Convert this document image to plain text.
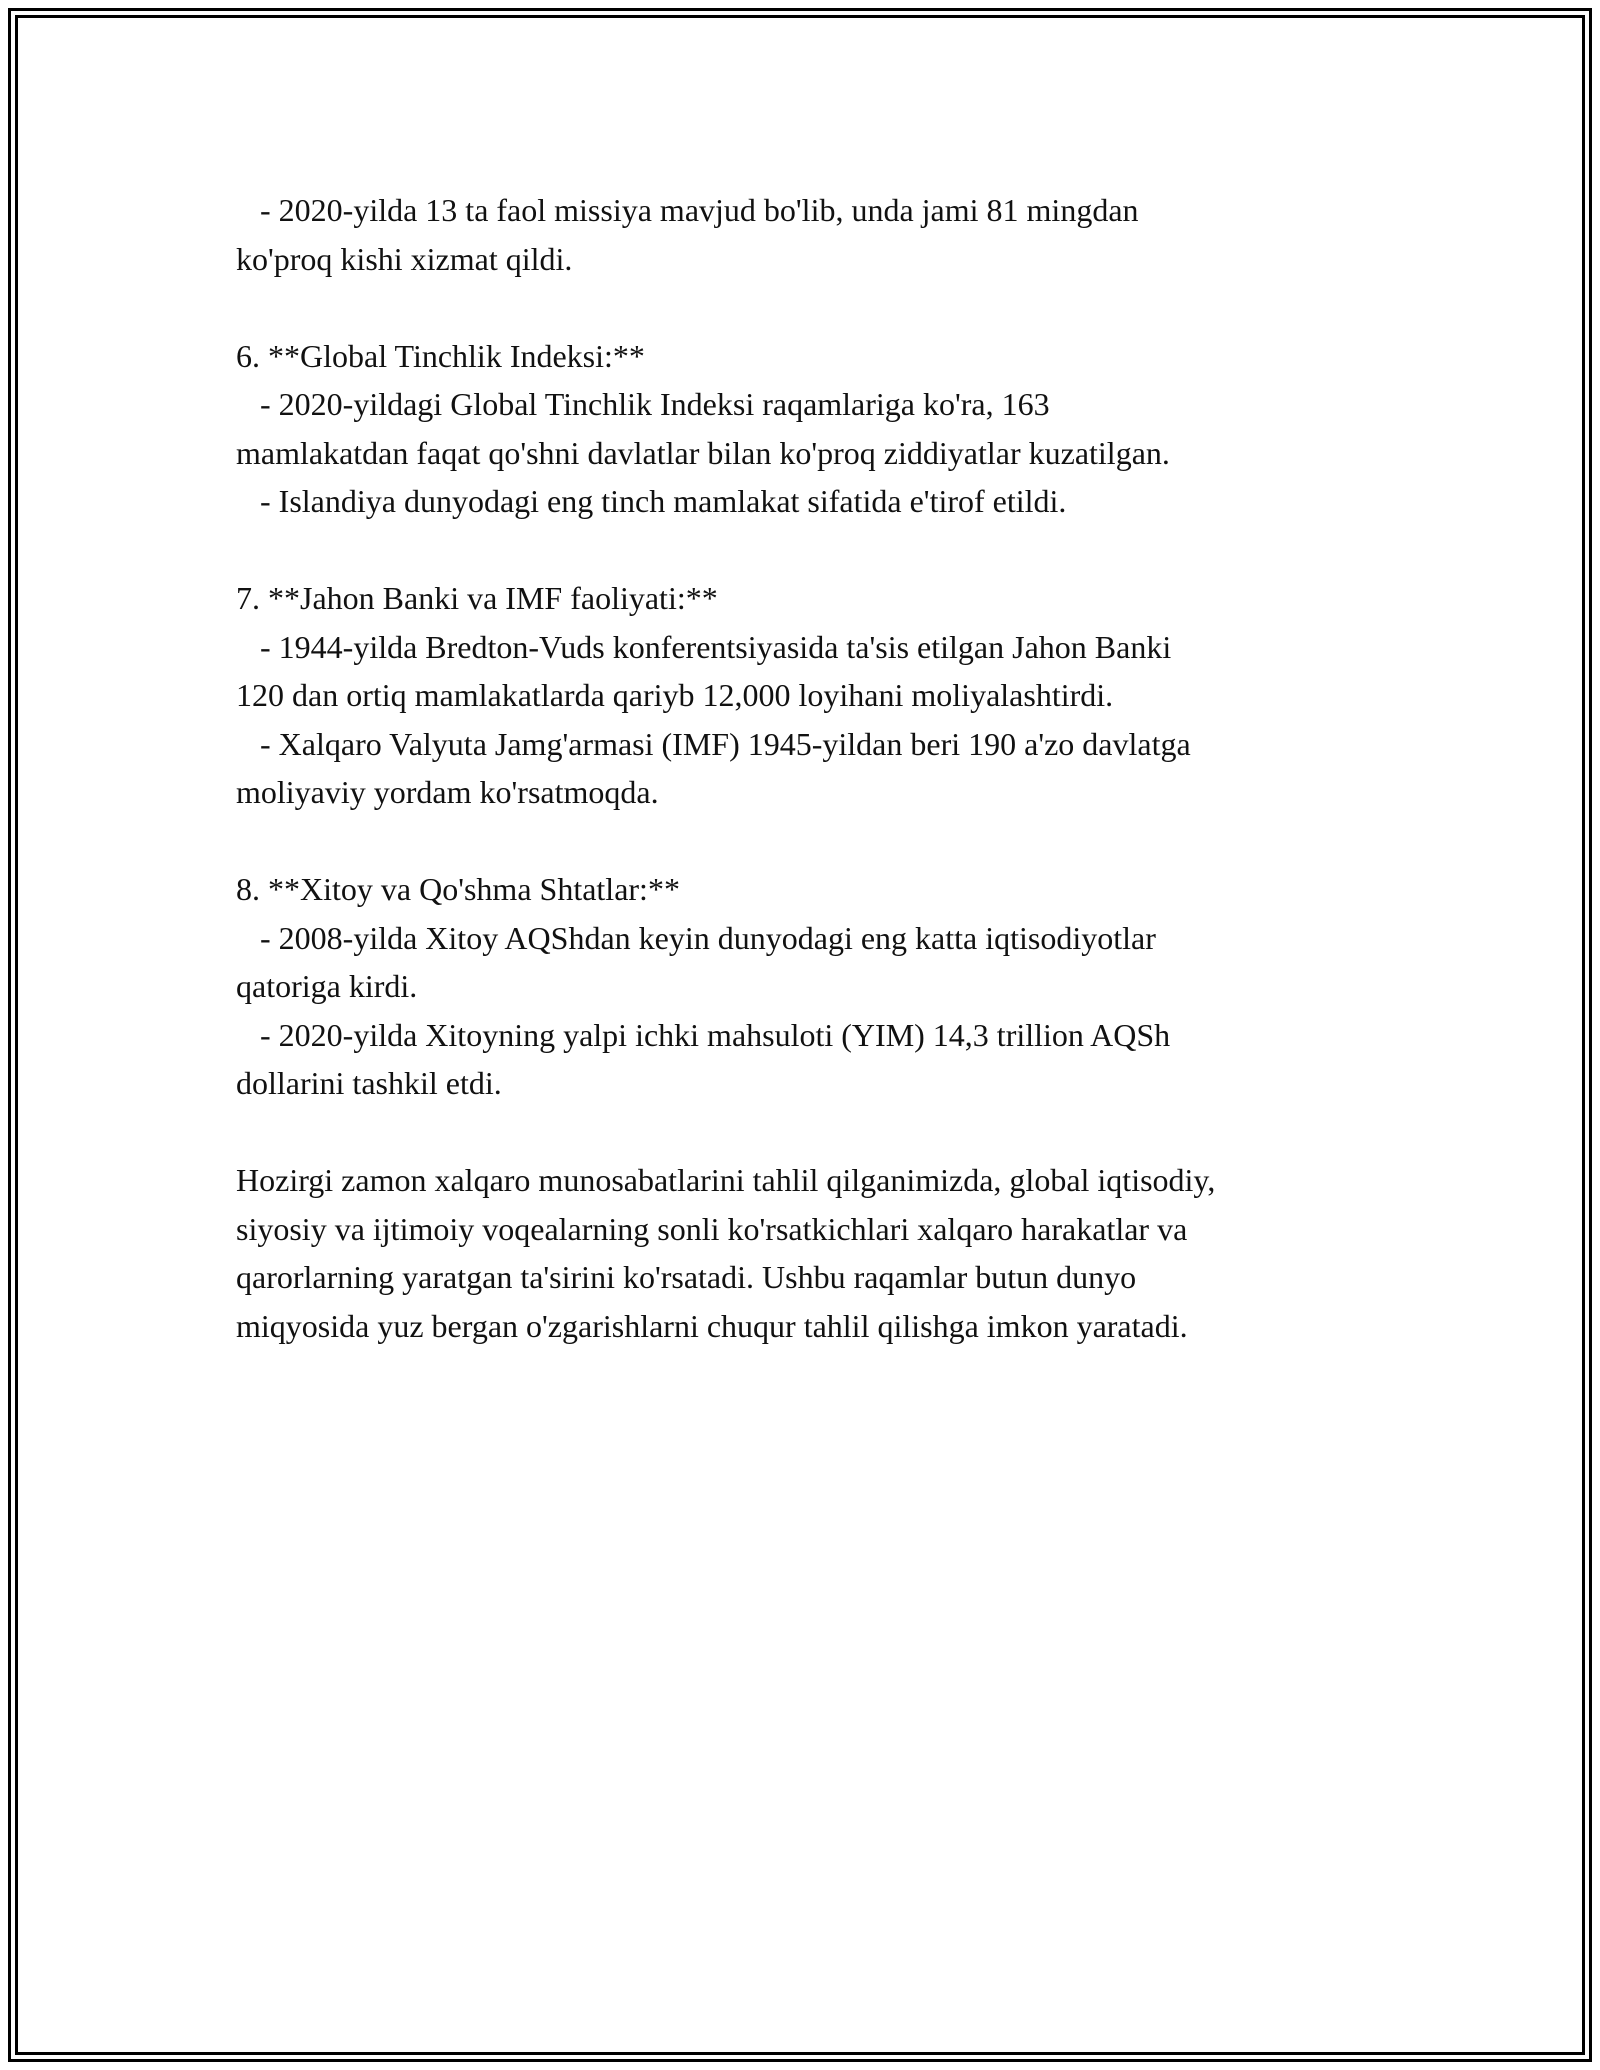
- 2020-yilda 13 ta faol missiya mavjud bo'lib, unda jami 81 mingdan
ko'proq kishi xizmat qildi.
6. **Global Tinchlik Indeksi:**
- 2020-yildagi Global Tinchlik Indeksi raqamlariga ko'ra, 163
mamlakatdan faqat qo'shni davlatlar bilan ko'proq ziddiyatlar kuzatilgan.
- Islandiya dunyodagi eng tinch mamlakat sifatida e'tirof etildi.
7. **Jahon Banki va IMF faoliyati:**
- 1944-yilda Bredton-Vuds konferentsiyasida ta'sis etilgan Jahon Banki
120 dan ortiq mamlakatlarda qariyb 12,000 loyihani moliyalashtirdi.
- Xalqaro Valyuta Jamg'armasi (IMF) 1945-yildan beri 190 a'zo davlatga
moliyaviy yordam ko'rsatmoqda.
8. **Xitoy va Qo'shma Shtatlar:**
- 2008-yilda Xitoy AQShdan keyin dunyodagi eng katta iqtisodiyotlar
qatoriga kirdi.
- 2020-yilda Xitoyning yalpi ichki mahsuloti (YIM) 14,3 trillion AQSh
dollarini tashkil etdi.
Hozirgi zamon xalqaro munosabatlarini tahlil qilganimizda, global iqtisodiy,
siyosiy va ijtimoiy voqealarning sonli ko'rsatkichlari xalqaro harakatlar va
qarorlarning yaratgan ta'sirini ko'rsatadi. Ushbu raqamlar butun dunyo
miqyosida yuz bergan o'zgarishlarni chuqur tahlil qilishga imkon yaratadi.
